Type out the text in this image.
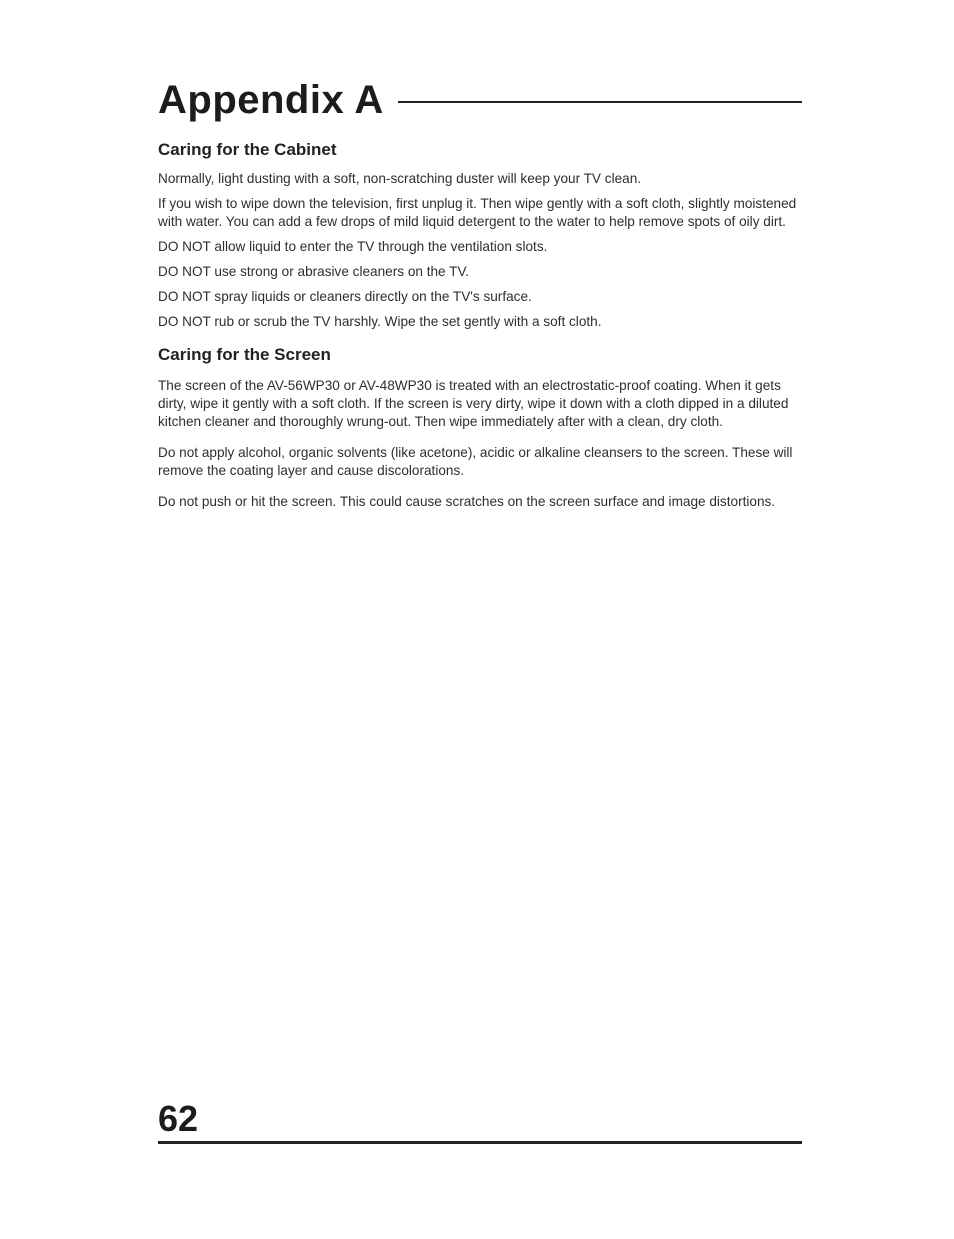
Appendix A
Caring for the Cabinet

Normally, light dusting with a soft, non-scratching duster will keep your TV clean.

If you wish to wipe down the television, first unplug it. Then wipe gently with a soft cloth, slightly moistened with water. You can add a few drops of mild liquid detergent to the water to help remove spots of oily dirt.

DO NOT allow liquid to enter the TV through the ventilation slots.

DO NOT use strong or abrasive cleaners on the TV.

DO NOT spray liquids or cleaners directly on the TV's surface.

DO NOT rub or scrub the TV harshly. Wipe the set gently with a soft cloth.

Caring for the Screen

The screen of the AV-56WP30 or AV-48WP30 is treated with an electrostatic-proof coating. When it gets dirty, wipe it gently with a soft cloth. If the screen is very dirty, wipe it down with a cloth dipped in a diluted kitchen cleaner and thoroughly wrung-out. Then wipe immediately after with a clean, dry cloth.

Do not apply alcohol, organic solvents (like acetone), acidic or alkaline cleansers to the screen. These will remove the coating layer and cause discolorations.

Do not push or hit the screen. This could cause scratches on the screen surface and image distortions.

62
